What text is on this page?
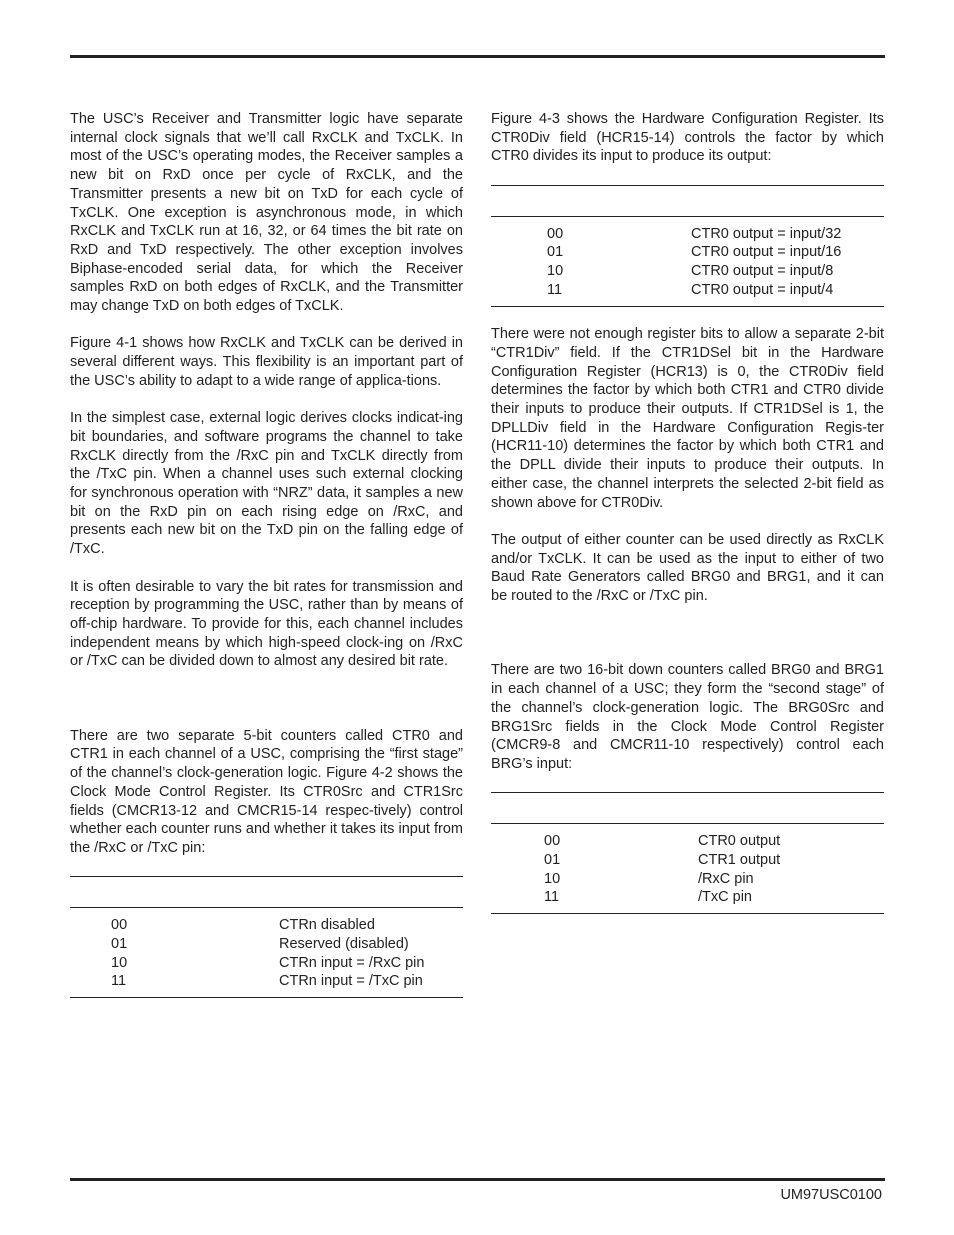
The USC’s Receiver and Transmitter logic have separate internal clock signals that we’ll call RxCLK and TxCLK. In most of the USC’s operating modes, the Receiver samples a new bit on RxD once per cycle of RxCLK, and the Transmitter presents a new bit on TxD for each cycle of TxCLK. One exception is asynchronous mode, in which RxCLK and TxCLK run at 16, 32, or 64 times the bit rate on RxD and TxD respectively. The other exception involves Biphase-encoded serial data, for which the Receiver samples RxD on both edges of RxCLK, and the Transmitter may change TxD on both edges of TxCLK.

Figure 4-1 shows how RxCLK and TxCLK can be derived in several different ways. This flexibility is an important part of the USC’s ability to adapt to a wide range of applica-tions.

In the simplest case, external logic derives clocks indicat-ing bit boundaries, and software programs the channel to take RxCLK directly from the /RxC pin and TxCLK directly from the /TxC pin. When a channel uses such external clocking for synchronous operation with “NRZ” data, it samples a new bit on the RxD pin on each rising edge on /RxC, and presents each new bit on the TxD pin on the falling edge of /TxC.

It is often desirable to vary the bit rates for transmission and reception by programming the USC, rather than by means of off-chip hardware. To provide for this, each channel includes independent means by which high-speed clock-ing on /RxC or /TxC can be divided down to almost any desired bit rate.

There are two separate 5-bit counters called CTR0 and CTR1 in each channel of a USC, comprising the “first stage” of the channel’s clock-generation logic. Figure 4-2 shows the Clock Mode Control Register. Its CTR0Src and CTR1Src fields (CMCR13-12 and CMCR15-14 respec-tively) control whether each counter runs and whether it takes its input from the /RxC or /TxC pin:

00	CTRn disabled
01	Reserved (disabled)
10	CTRn input = /RxC pin
11	CTRn input = /TxC pin

Figure 4-3 shows the Hardware Configuration Register. Its CTR0Div field (HCR15-14) controls the factor by which CTR0 divides its input to produce its output:

00	CTR0 output = input/32
01	CTR0 output = input/16
10	CTR0 output = input/8
11	CTR0 output = input/4

There were not enough register bits to allow a separate 2-bit “CTR1Div” field. If the CTR1DSel bit in the Hardware Configuration Register (HCR13) is 0, the CTR0Div field determines the factor by which both CTR1 and CTR0 divide their inputs to produce their outputs. If CTR1DSel is 1, the DPLLDiv field in the Hardware Configuration Regis-ter (HCR11-10) determines the factor by which both CTR1 and the DPLL divide their inputs to produce their outputs. In either case, the channel interprets the selected 2-bit field as shown above for CTR0Div.

The output of either counter can be used directly as RxCLK and/or TxCLK. It can be used as the input to either of two Baud Rate Generators called BRG0 and BRG1, and it can be routed to the /RxC or /TxC pin.

There are two 16-bit down counters called BRG0 and BRG1 in each channel of a USC; they form the “second stage” of the channel’s clock-generation logic. The BRG0Src and BRG1Src fields in the Clock Mode Control Register (CMCR9-8 and CMCR11-10 respectively) control each BRG’s input:

00	CTR0 output
01	CTR1 output
10	/RxC pin
11	/TxC pin
UM97USC0100
